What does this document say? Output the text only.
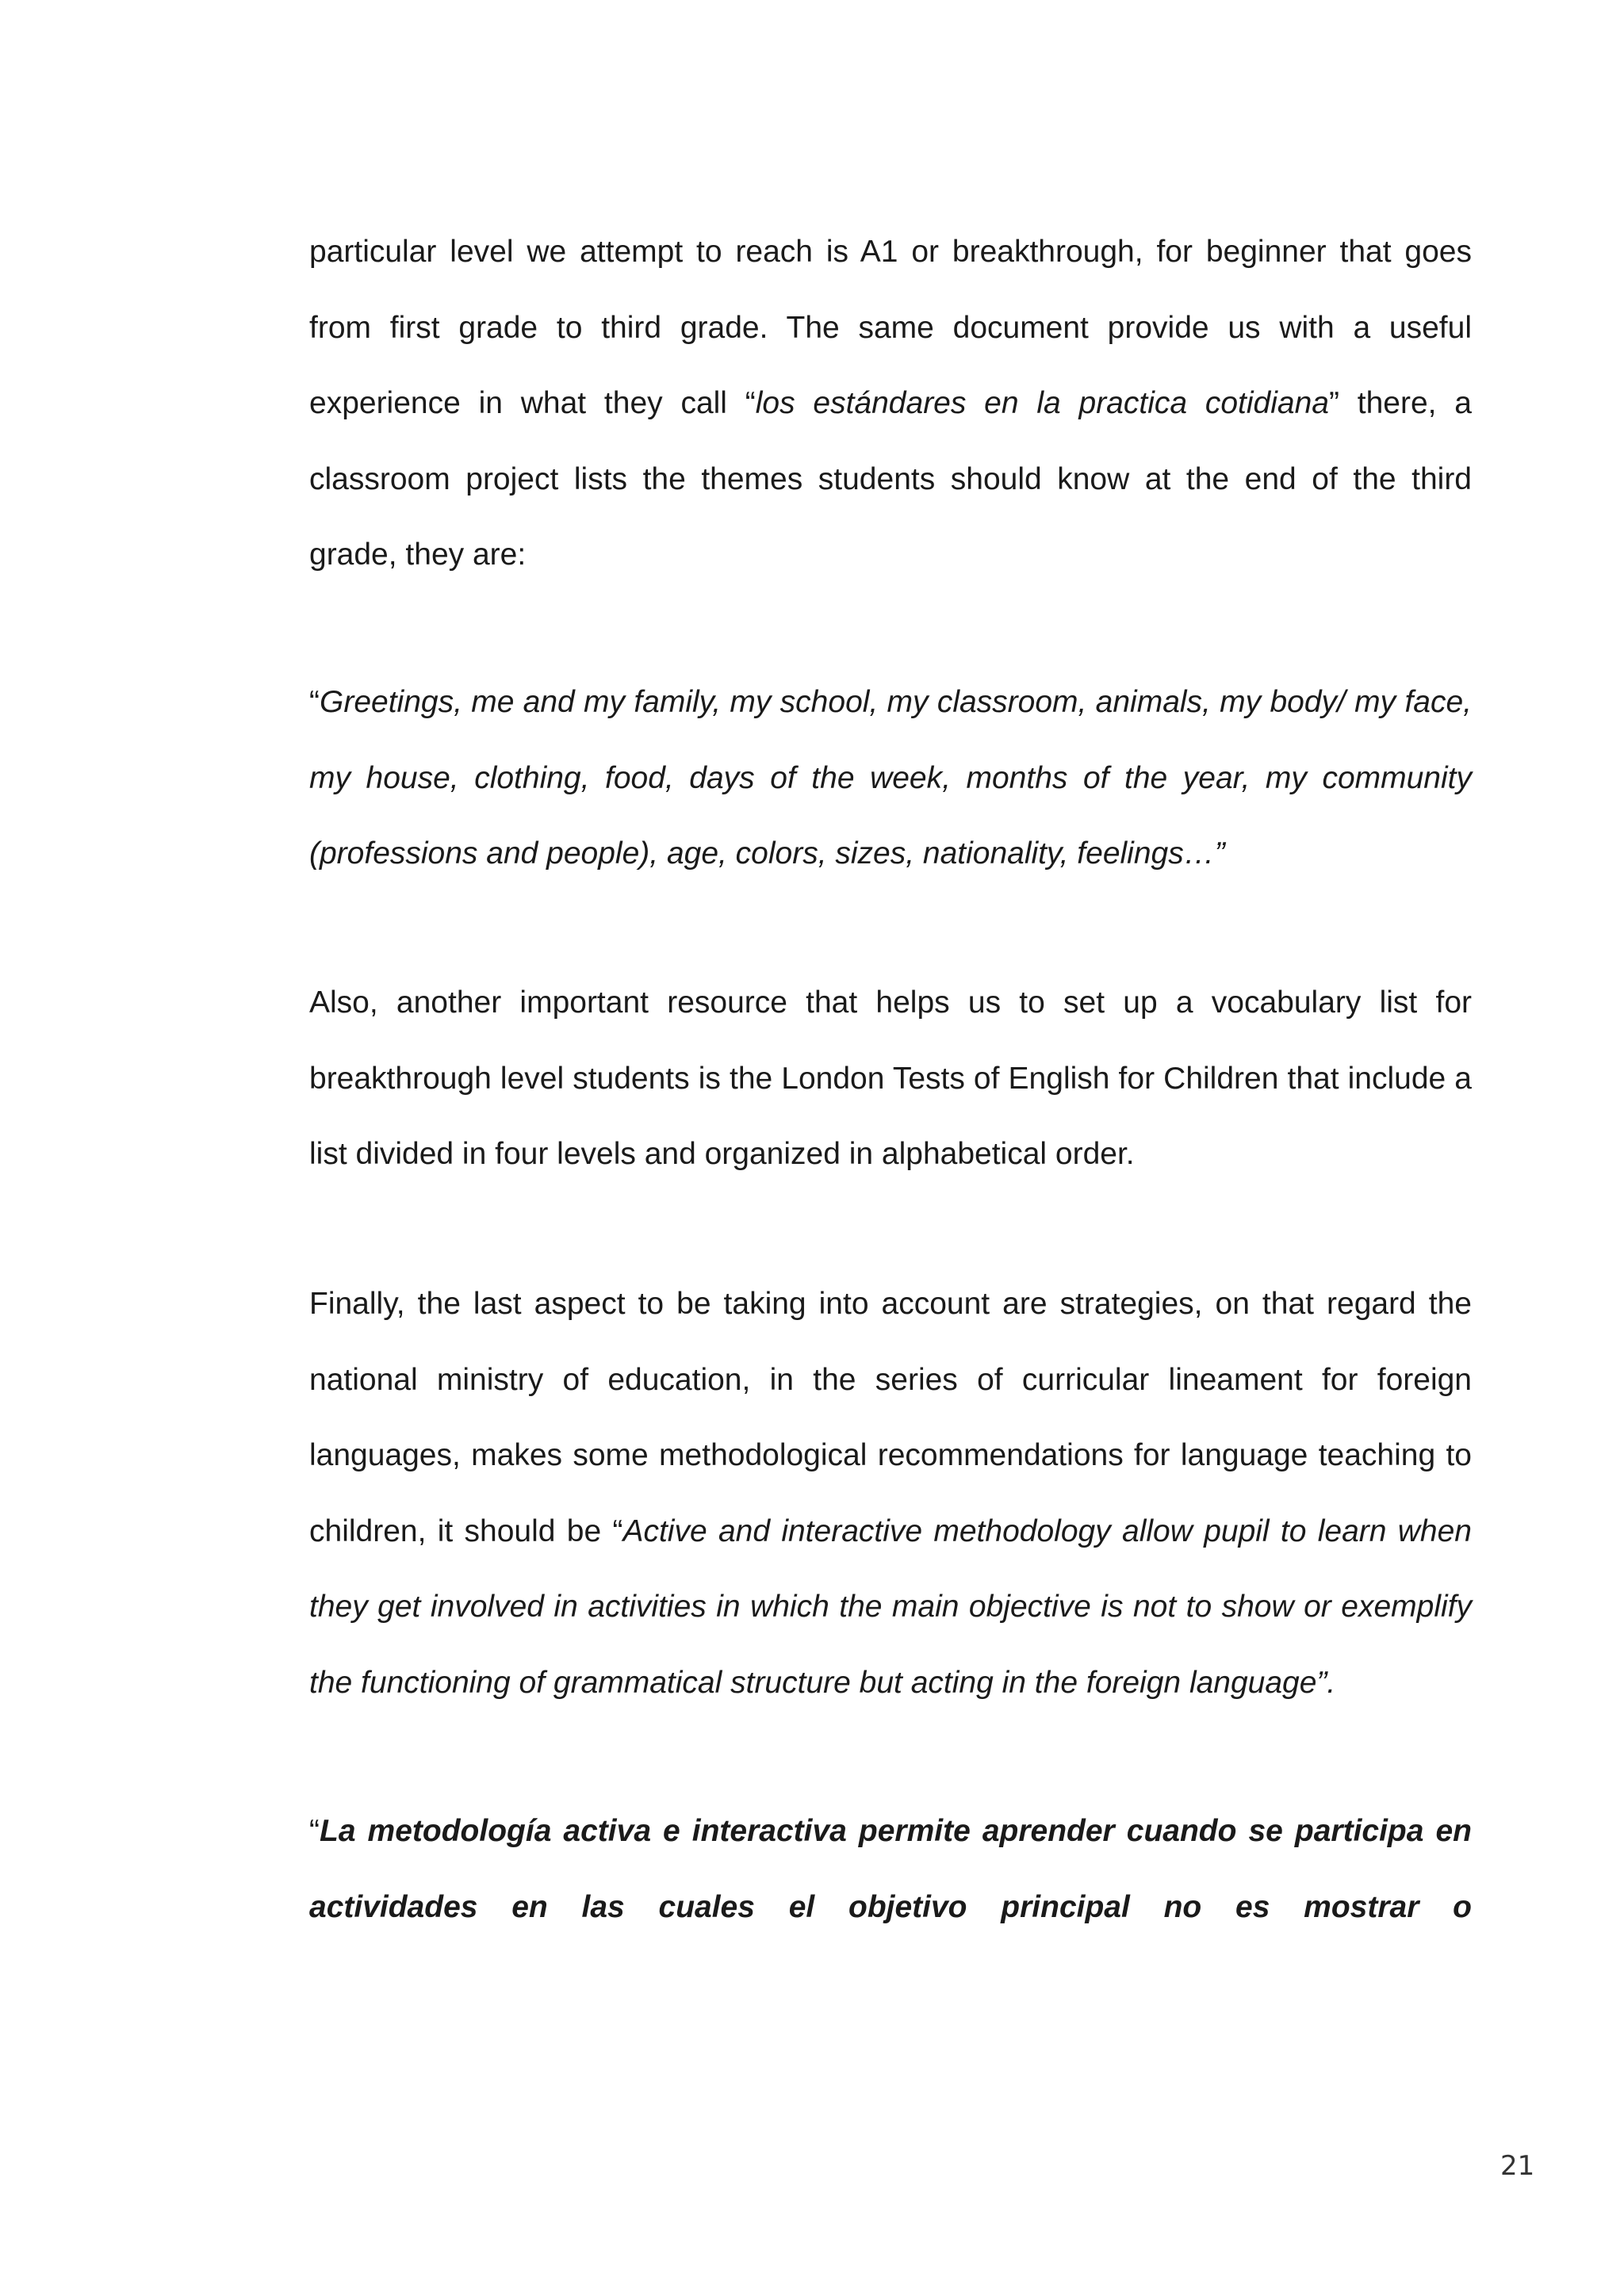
particular level we attempt to reach is A1 or breakthrough, for beginner that goes from first grade to third grade. The same document provide us with a useful experience in what they call “los estándares en la practica cotidiana” there, a classroom project lists the themes students should know at the end of the third grade, they are:

“Greetings, me and my family, my school, my classroom, animals, my body/ my face, my house, clothing, food, days of the week, months of the year, my community (professions and people), age, colors, sizes, nationality, feelings…”

Also, another important resource that helps us to set up a vocabulary list for breakthrough level students is the London Tests of English for Children that include a list divided in four levels and organized in alphabetical order.

Finally, the last aspect to be taking into account are strategies, on that regard the national ministry of education, in the series of curricular lineament for foreign languages, makes some methodological recommendations for language teaching to children, it should be “Active and interactive methodology allow pupil to learn when they get involved in activities in which the main objective is not to show or exemplify the functioning of grammatical structure but acting in the foreign language”.

“La metodología activa e interactiva permite aprender cuando se participa en actividades en las cuales el objetivo principal no es mostrar o

21
